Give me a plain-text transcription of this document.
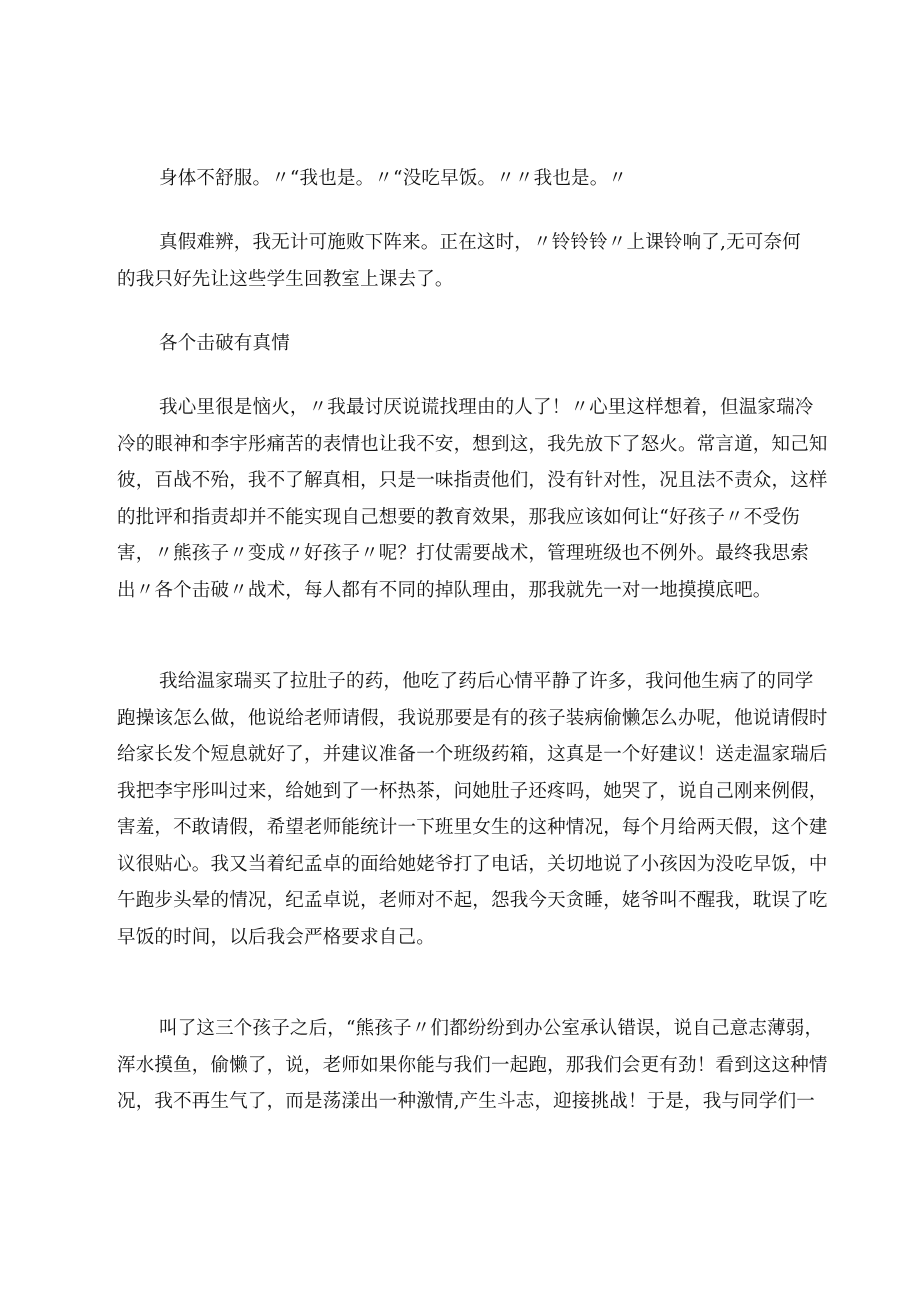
身体不舒服。〃“我也是。〃“没吃早饭。〃〃我也是。〃
真假难辨，我无计可施败下阵来。正在这时，〃铃铃铃〃上课铃响了,无可奈何
的我只好先让这些学生回教室上课去了。
各个击破有真情
我心里很是恼火，〃我最讨厌说谎找理由的人了！〃心里这样想着，但温家瑞冷
冷的眼神和李宇彤痛苦的表情也让我不安，想到这，我先放下了怒火。常言道，知己知
彼，百战不殆，我不了解真相，只是一味指责他们，没有针对性，况且法不责众，这样
的批评和指责却并不能实现自己想要的教育效果，那我应该如何让“好孩子〃不受伤
害，〃熊孩子〃变成〃好孩子〃呢？打仗需要战术，管理班级也不例外。最终我思索
出〃各个击破〃战术，每人都有不同的掉队理由，那我就先一对一地摸摸底吧。
我给温家瑞买了拉肚子的药，他吃了药后心情平静了许多，我问他生病了的同学
跑操该怎么做，他说给老师请假，我说那要是有的孩子装病偷懒怎么办呢，他说请假时
给家长发个短息就好了，并建议准备一个班级药箱，这真是一个好建议！送走温家瑞后
我把李宇彤叫过来，给她到了一杯热茶，问她肚子还疼吗，她哭了，说自己刚来例假，
害羞，不敢请假，希望老师能统计一下班里女生的这种情况，每个月给两天假，这个建
议很贴心。我又当着纪孟卓的面给她姥爷打了电话，关切地说了小孩因为没吃早饭，中
午跑步头晕的情况，纪孟卓说，老师对不起，怨我今天贪睡，姥爷叫不醒我，耽误了吃
早饭的时间，以后我会严格要求自己。
叫了这三个孩子之后，“熊孩子〃们都纷纷到办公室承认错误，说自己意志薄弱，
浑水摸鱼，偷懒了，说，老师如果你能与我们一起跑，那我们会更有劲！看到这这种情
况，我不再生气了，而是荡漾出一种激情,产生斗志，迎接挑战！于是，我与同学们一
